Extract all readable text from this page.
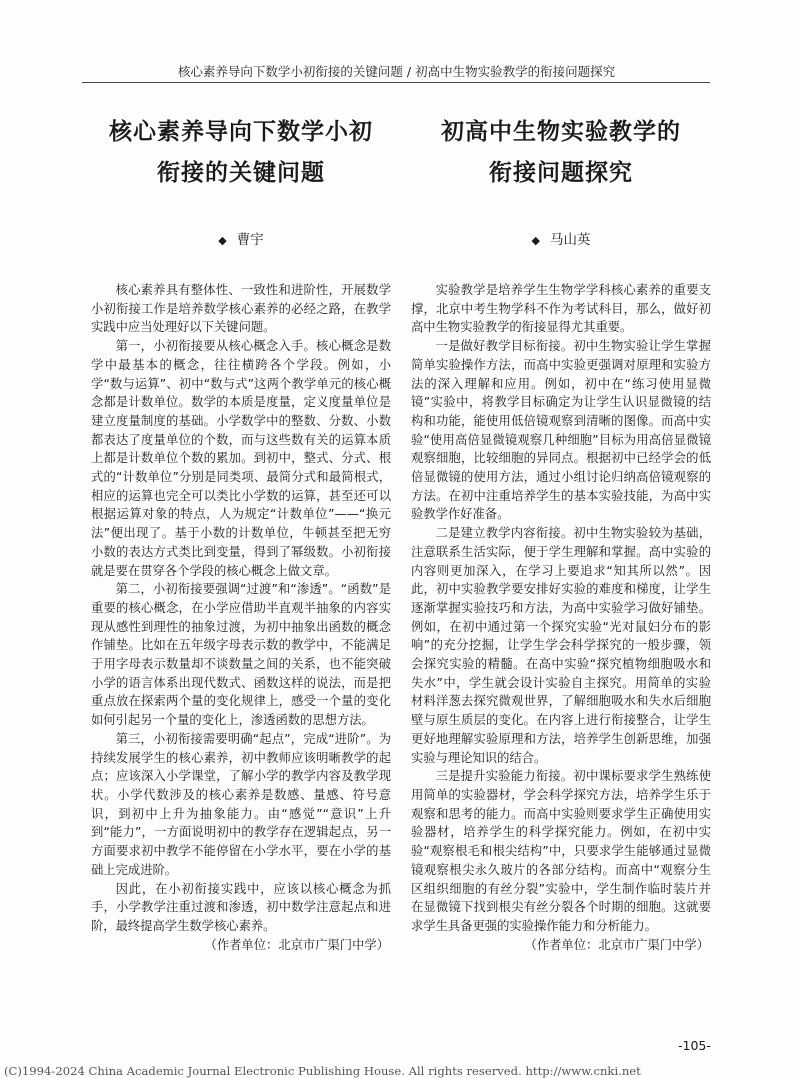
核心素养导向下数学小初衔接的关键问题 / 初高中生物实验教学的衔接问题探究
核心素养导向下数学小初
衔接的关键问题
◆ 曹宇

核心素养具有整体性、一致性和进阶性，开展数学小初衔接工作是培养数学核心素养的必经之路，在教学实践中应当处理好以下关键问题。

第一，小初衔接要从核心概念入手。核心概念是数学中最基本的概念，往往横跨各个学段。例如，小学“数与运算”、初中“数与式”这两个教学单元的核心概念都是计数单位。数学的本质是度量，定义度量单位是建立度量制度的基础。小学数学中的整数、分数、小数都表达了度量单位的个数，而与这些数有关的运算本质上都是计数单位个数的累加。到初中，整式、分式、根式的“计数单位”分别是同类项、最简分式和最简根式，相应的运算也完全可以类比小学数的运算，甚至还可以根据运算对象的特点，人为规定“计数单位”——“换元法”便出现了。基于小数的计数单位，牛顿甚至把无穷小数的表达方式类比到变量，得到了幂级数。小初衔接就是要在贯穿各个学段的核心概念上做文章。

第二，小初衔接要强调“过渡”和“渗透”。“函数”是重要的核心概念，在小学应借助半直观半抽象的内容实现从感性到理性的抽象过渡，为初中抽象出函数的概念作铺垫。比如在五年级字母表示数的教学中，不能满足于用字母表示数量却不谈数量之间的关系，也不能突破小学的语言体系出现代数式、函数这样的说法，而是把重点放在探索两个量的变化规律上，感受一个量的变化如何引起另一个量的变化上，渗透函数的思想方法。

第三，小初衔接需要明确“起点”，完成“进阶”。为持续发展学生的核心素养，初中教师应该明晰教学的起点；应该深入小学课堂，了解小学的教学内容及教学现状。小学代数涉及的核心素养是数感、量感、符号意识，到初中上升为抽象能力。由“感觉”“意识”上升到“能力”，一方面说明初中的教学存在逻辑起点，另一方面要求初中教学不能停留在小学水平，要在小学的基础上完成进阶。

因此，在小初衔接实践中，应该以核心概念为抓手，小学教学注重过渡和渗透，初中数学注意起点和进阶，最终提高学生数学核心素养。

（作者单位：北京市广渠门中学）
初高中生物实验教学的
衔接问题探究
◆ 马山英

实验教学是培养学生生物学学科核心素养的重要支撑，北京中考生物学科不作为考试科目，那么，做好初高中生物实验教学的衔接显得尤其重要。

一是做好教学目标衔接。初中生物实验让学生掌握简单实验操作方法，而高中实验更强调对原理和实验方法的深入理解和应用。例如，初中在“练习使用显微镜”实验中，将教学目标确定为让学生认识显微镜的结构和功能，能使用低倍镜观察到清晰的图像。而高中实验“使用高倍显微镜观察几种细胞”目标为用高倍显微镜观察细胞，比较细胞的异同点。根据初中已经学会的低倍显微镜的使用方法，通过小组讨论归纳高倍镜观察的方法。在初中注重培养学生的基本实验技能，为高中实验教学作好准备。

二是建立教学内容衔接。初中生物实验较为基础，注意联系生活实际，便于学生理解和掌握。高中实验的内容则更加深入，在学习上要追求“知其所以然”。因此，初中实验教学要安排好实验的难度和梯度，让学生逐渐掌握实验技巧和方法，为高中实验学习做好铺垫。例如，在初中通过第一个探究实验“光对鼠妇分布的影响”的充分挖掘，让学生学会科学探究的一般步骤，领会探究实验的精髓。在高中实验“探究植物细胞吸水和失水”中，学生就会设计实验自主探究。用简单的实验材料洋葱去探究微观世界，了解细胞吸水和失水后细胞壁与原生质层的变化。在内容上进行衔接整合，让学生更好地理解实验原理和方法，培养学生创新思维，加强实验与理论知识的结合。

三是提升实验能力衔接。初中课标要求学生熟练使用简单的实验器材，学会科学探究方法，培养学生乐于观察和思考的能力。而高中实验则要求学生正确使用实验器材，培养学生的科学探究能力。例如，在初中实验“观察根毛和根尖结构”中，只要求学生能够通过显微镜观察根尖永久玻片的各部分结构。而高中“观察分生区组织细胞的有丝分裂”实验中，学生制作临时装片并在显微镜下找到根尖有丝分裂各个时期的细胞。这就要求学生具备更强的实验操作能力和分析能力。

（作者单位：北京市广渠门中学）
-105-
(C)1994-2024 China Academic Journal Electronic Publishing House. All rights reserved. http://www.cnki.net
